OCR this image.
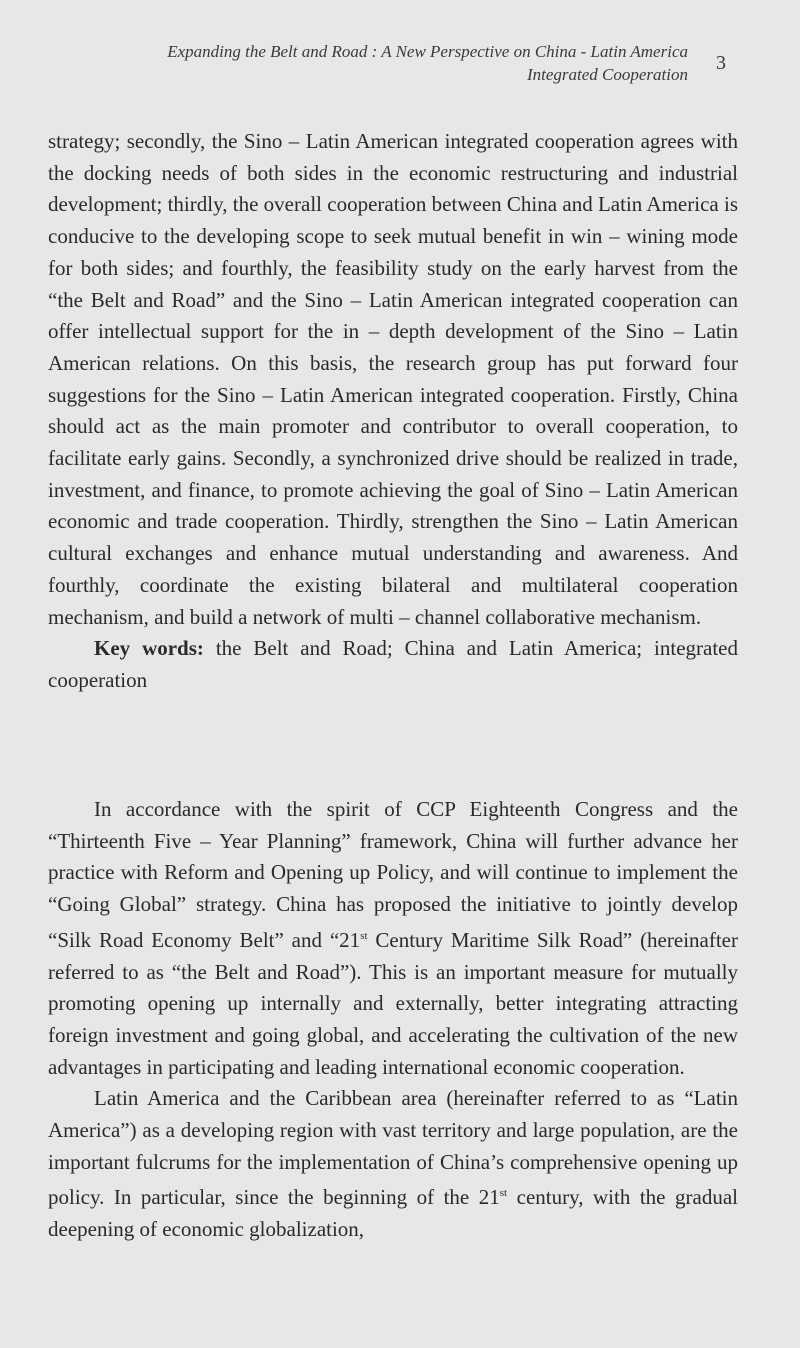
Expanding the Belt and Road : A New Perspective on China - Latin America
Integrated Cooperation
3

strategy; secondly, the Sino – Latin American integrated cooperation agrees with the docking needs of both sides in the economic restructuring and industrial development; thirdly, the overall cooperation between China and Latin America is conducive to the developing scope to seek mutual benefit in win – wining mode for both sides; and fourthly, the feasibility study on the early harvest from the “the Belt and Road” and the Sino – Latin American integrated cooperation can offer intellectual support for the in – depth development of the Sino – Latin American relations. On this basis, the research group has put forward four suggestions for the Sino – Latin American integrated cooperation. Firstly, China should act as the main promoter and contributor to overall cooperation, to facilitate early gains. Secondly, a synchronized drive should be realized in trade, investment, and finance, to promote achieving the goal of Sino – Latin American economic and trade cooperation. Thirdly, strengthen the Sino – Latin American cultural exchanges and enhance mutual understanding and awareness. And fourthly, coordinate the existing bilateral and multilateral cooperation mechanism, and build a network of multi – channel collaborative mechanism.

Key words: the Belt and Road; China and Latin America; integrated cooperation

In accordance with the spirit of CCP Eighteenth Congress and the “Thirteenth Five – Year Planning” framework, China will further advance her practice with Reform and Opening up Policy, and will continue to implement the “Going Global” strategy. China has proposed the initiative to jointly develop “Silk Road Economy Belt” and “21st Century Maritime Silk Road” (hereinafter referred to as “the Belt and Road”). This is an important measure for mutually promoting opening up internally and externally, better integrating attracting foreign investment and going global, and accelerating the cultivation of the new advantages in participating and leading international economic cooperation.

Latin America and the Caribbean area (hereinafter referred to as “Latin America”) as a developing region with vast territory and large population, are the important fulcrums for the implementation of China’s comprehensive opening up policy. In particular, since the beginning of the 21st century, with the gradual deepening of economic globalization,
